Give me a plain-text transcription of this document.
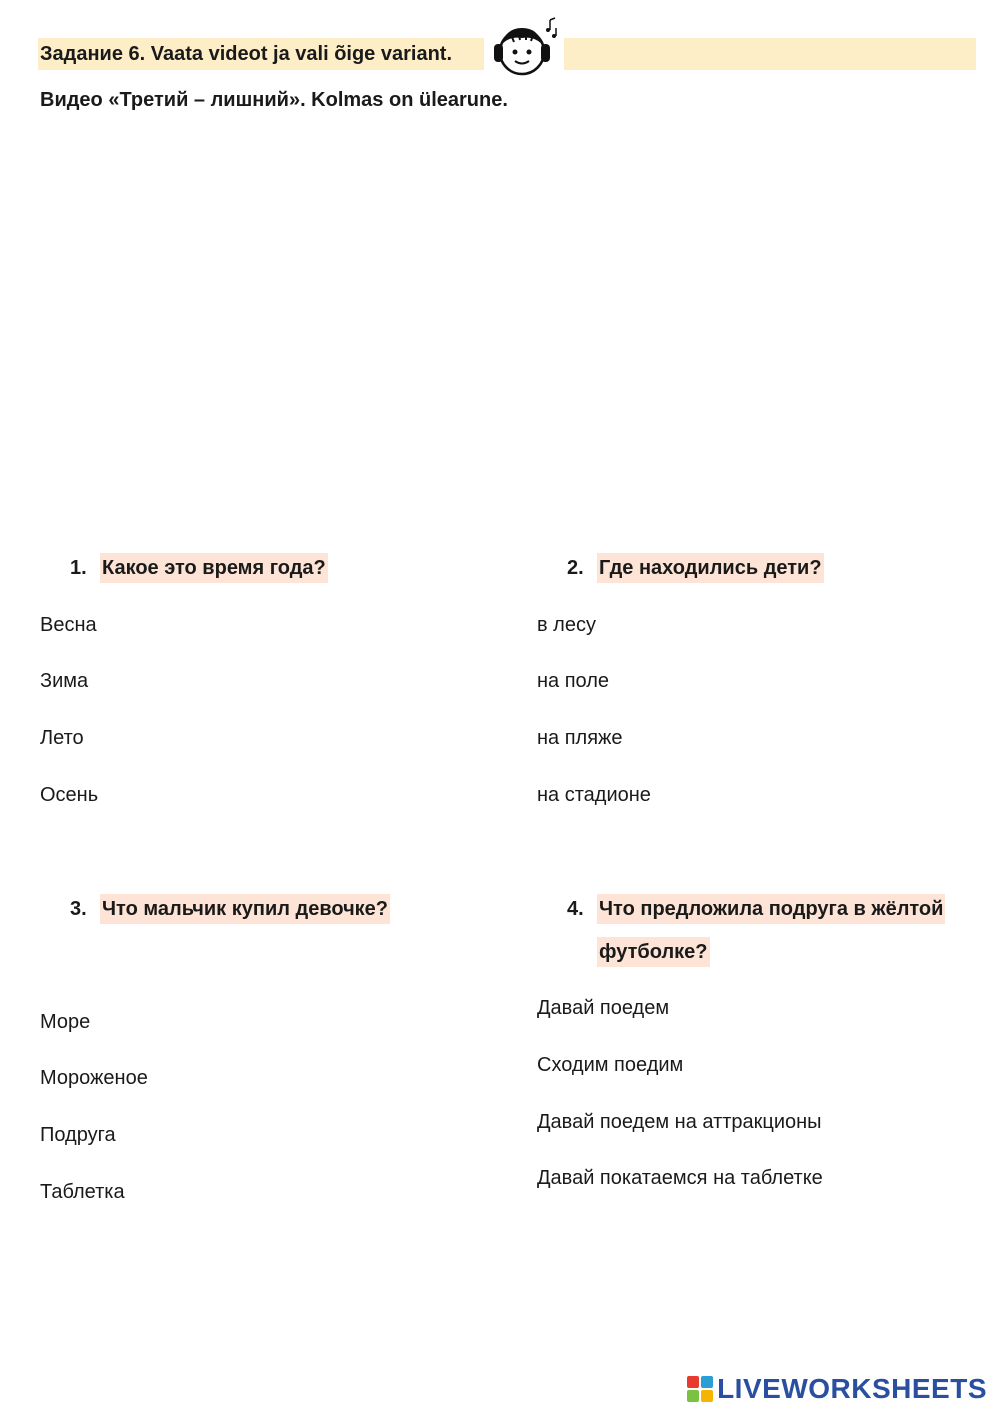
Задание 6. Vaata videot ja vali õige variant.
Видео «Третий – лишний». Kolmas on ülearune.
1. Какое это время года?
Весна
Зима
Лето
Осень
2. Где находились дети?
в лесу
на поле
на пляже
на стадионе
3. Что мальчик купил девочке?
Море
Мороженое
Подруга
Таблетка
4. Что предложила подруга в жёлтой
футболке?
Давай поедем
Сходим поедим
Давай поедем на аттракционы
Давай покатаемся на таблетке
LIVEWORKSHEETS
